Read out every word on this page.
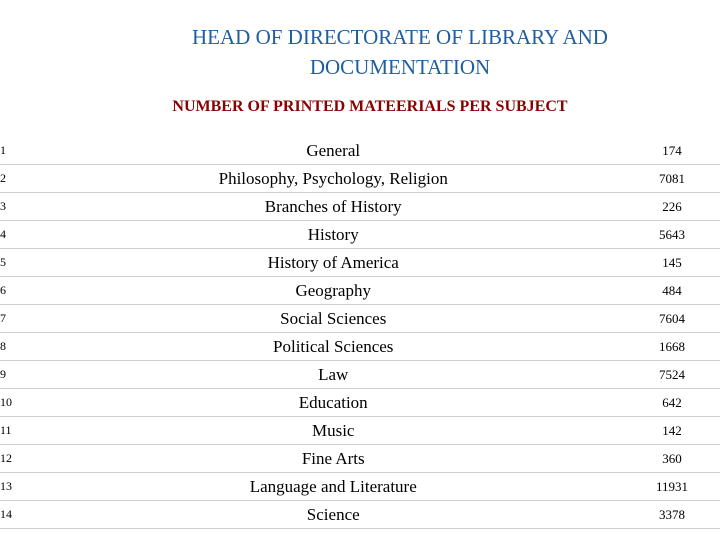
HEAD OF DIRECTORATE OF LIBRARY AND
DOCUMENTATION
NUMBER OF PRINTED MATEERIALS PER SUBJECT
1		General		174
2		Philosophy, Psychology, Religion		7081
3		Branches of History		226
4		History		5643
5		History of America		145
6		Geography		484
7		Social Sciences		7604
8		Political Sciences		1668
9		Law		7524
10		Education		642
11		Music		142
12		Fine Arts		360
13		Language and Literature		11931
14		Science		3378
